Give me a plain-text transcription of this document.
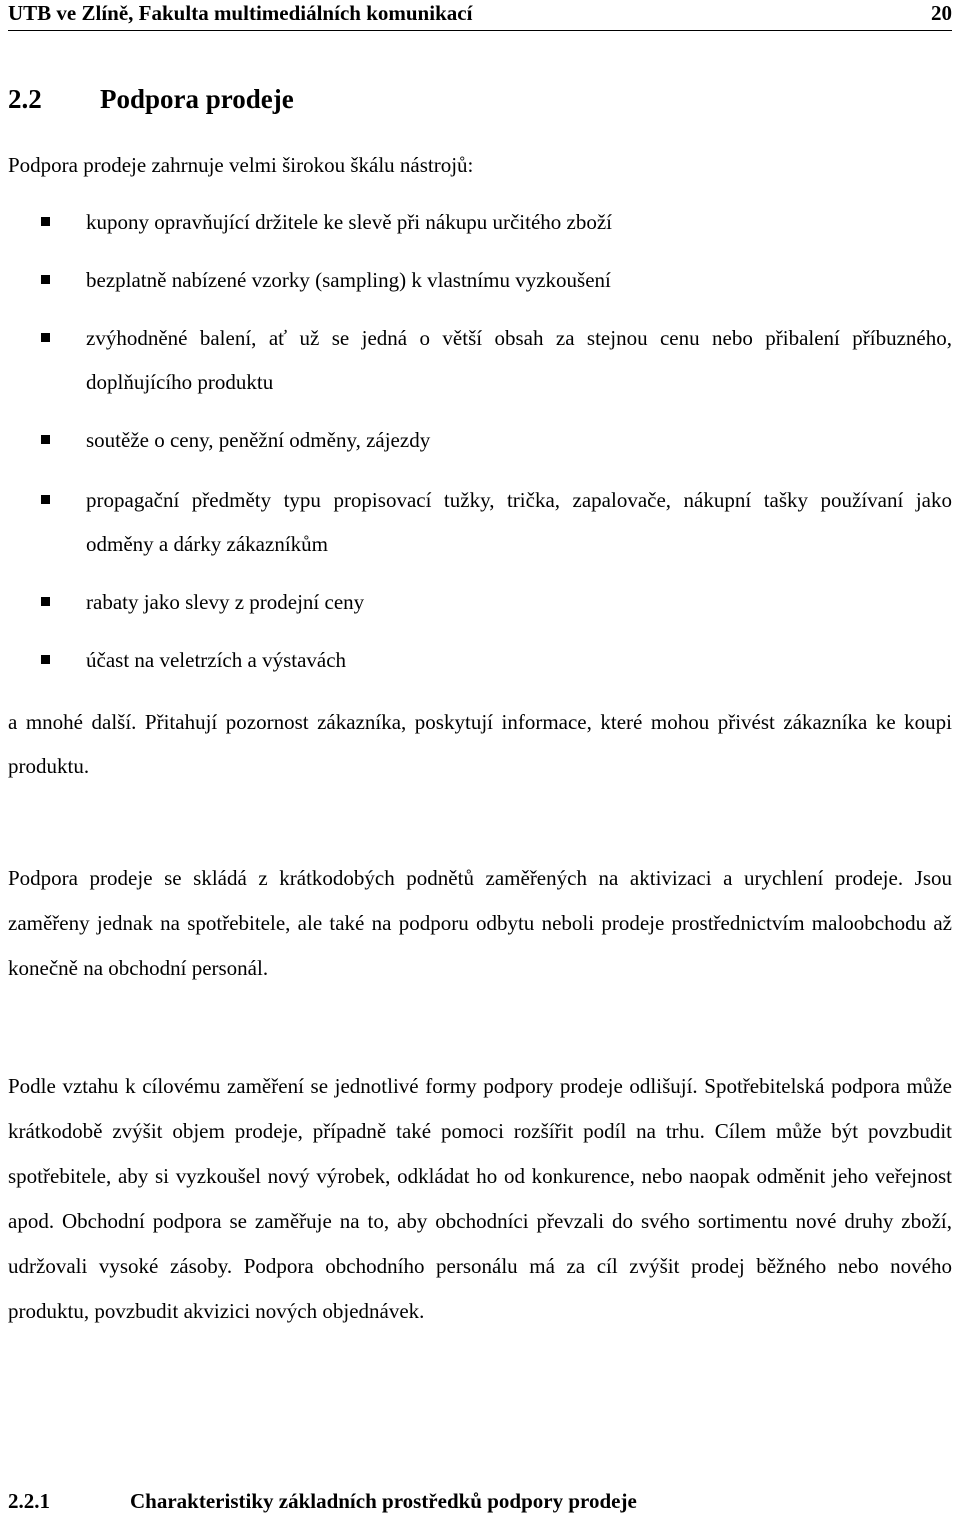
UTB ve Zlíně, Fakulta multimediálních komunikací	20
2.2 Podpora prodeje

Podpora prodeje zahrnuje velmi širokou škálu nástrojů:

kupony opravňující držitele ke slevě při nákupu určitého zboží
bezplatně nabízené vzorky (sampling) k vlastnímu vyzkoušení
zvýhodněné balení, ať už se jedná o větší obsah za stejnou cenu nebo přibalení příbuzného, doplňujícího produktu
soutěže o ceny, peněžní odměny, zájezdy
propagační předměty typu propisovací tužky, trička, zapalovače, nákupní tašky používaní jako odměny a dárky zákazníkům
rabaty jako slevy z prodejní ceny
účast na veletrzích a výstavách

a mnohé další. Přitahují pozornost zákazníka, poskytují informace, které mohou přivést zákazníka ke koupi produktu.

Podpora prodeje se skládá z krátkodobých podnětů zaměřených na aktivizaci a urychlení prodeje. Jsou zaměřeny jednak na spotřebitele, ale také na podporu odbytu neboli prodeje prostřednictvím maloobchodu až konečně na obchodní personál.

Podle vztahu k cílovému zaměření se jednotlivé formy podpory prodeje odlišují. Spotřebitelská podpora může krátkodobě zvýšit objem prodeje, případně také pomoci rozšířit podíl na trhu. Cílem může být povzbudit spotřebitele, aby si vyzkoušel nový výrobek, odkládat ho od konkurence, nebo naopak odměnit jeho veřejnost apod. Obchodní podpora se zaměřuje na to, aby obchodníci převzali do svého sortimentu nové druhy zboží, udržovali vysoké zásoby. Podpora obchodního personálu má za cíl zvýšit prodej běžného nebo nového produktu, povzbudit akvizici nových objednávek.

2.2.1	Charakteristiky základních prostředků podpory prodeje
